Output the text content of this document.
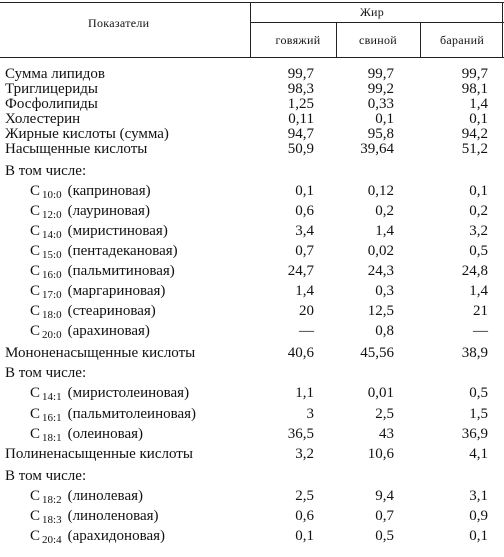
Показатели
Жир
говяжий	свиной	бараний
Сумма липидов	99,7	99,7	99,7
Триглицериды	98,3	99,2	98,1
Фосфолипиды	1,25	0,33	1,4
Холестерин	0,11	0,1	0,1
Жирные кислоты (сумма)	94,7	95,8	94,2
Насыщенные кислоты	50,9	39,64	51,2
В том числе:
C $_{10:0}$ (каприновая)	0,1	0,12	0,1
C $_{12:0}$ (лауриновая)	0,6	0,2	0,2
C $_{14:0}$ (миристиновая)	3,4	1,4	3,2
C $_{15:0}$ (пентадекановая)	0,7	0,02	0,5
C $_{16:0}$ (пальмитиновая)	24,7	24,3	24,8
C $_{17:0}$ (маргариновая)	1,4	0,3	1,4
C $_{18:0}$ (стеариновая)	20	12,5	21
C $_{20:0}$ (арахиновая)	—	0,8	—
Мононенасыщенные кислоты	40,6	45,56	38,9
В том числе:
C $_{14:1}$ (миристолеиновая)	1,1	0,01	0,5
C $_{16:1}$ (пальмитолеиновая)	3	2,5	1,5
C $_{18:1}$ (олеиновая)	36,5	43	36,9
Полиненасыщенные кислоты	3,2	10,6	4,1
В том числе:
C $_{18:2}$ (линолевая)	2,5	9,4	3,1
C $_{18:3}$ (линоленовая)	0,6	0,7	0,9
C $_{20:4}$ (арахидоновая)	0,1	0,5	0,1
